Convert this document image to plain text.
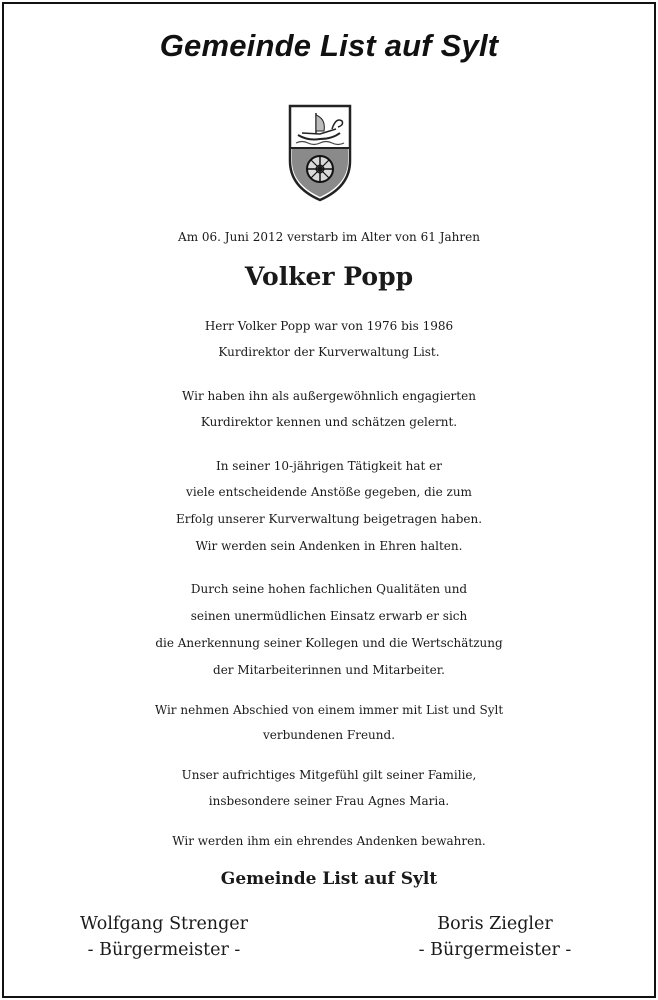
Gemeinde List auf Sylt
Am 06. Juni 2012 verstarb im Alter von 61 Jahren
Volker Popp
Herr Volker Popp war von 1976 bis 1986
Kurdirektor der Kurverwaltung List.
Wir haben ihn als außergewöhnlich engagierten
Kurdirektor kennen und schätzen gelernt.
In seiner 10-jährigen Tätigkeit hat er
viele entscheidende Anstöße gegeben, die zum
Erfolg unserer Kurverwaltung beigetragen haben.
Wir werden sein Andenken in Ehren halten.
Durch seine hohen fachlichen Qualitäten und
seinen unermüdlichen Einsatz erwarb er sich
die Anerkennung seiner Kollegen und die Wertschätzung
der Mitarbeiterinnen und Mitarbeiter.
Wir nehmen Abschied von einem immer mit List und Sylt
verbundenen Freund.
Unser aufrichtiges Mitgefühl gilt seiner Familie,
insbesondere seiner Frau Agnes Maria.
Wir werden ihm ein ehrendes Andenken bewahren.
Gemeinde List auf Sylt
Wolfgang Strenger
- Bürgermeister -
Boris Ziegler
- Bürgermeister -
